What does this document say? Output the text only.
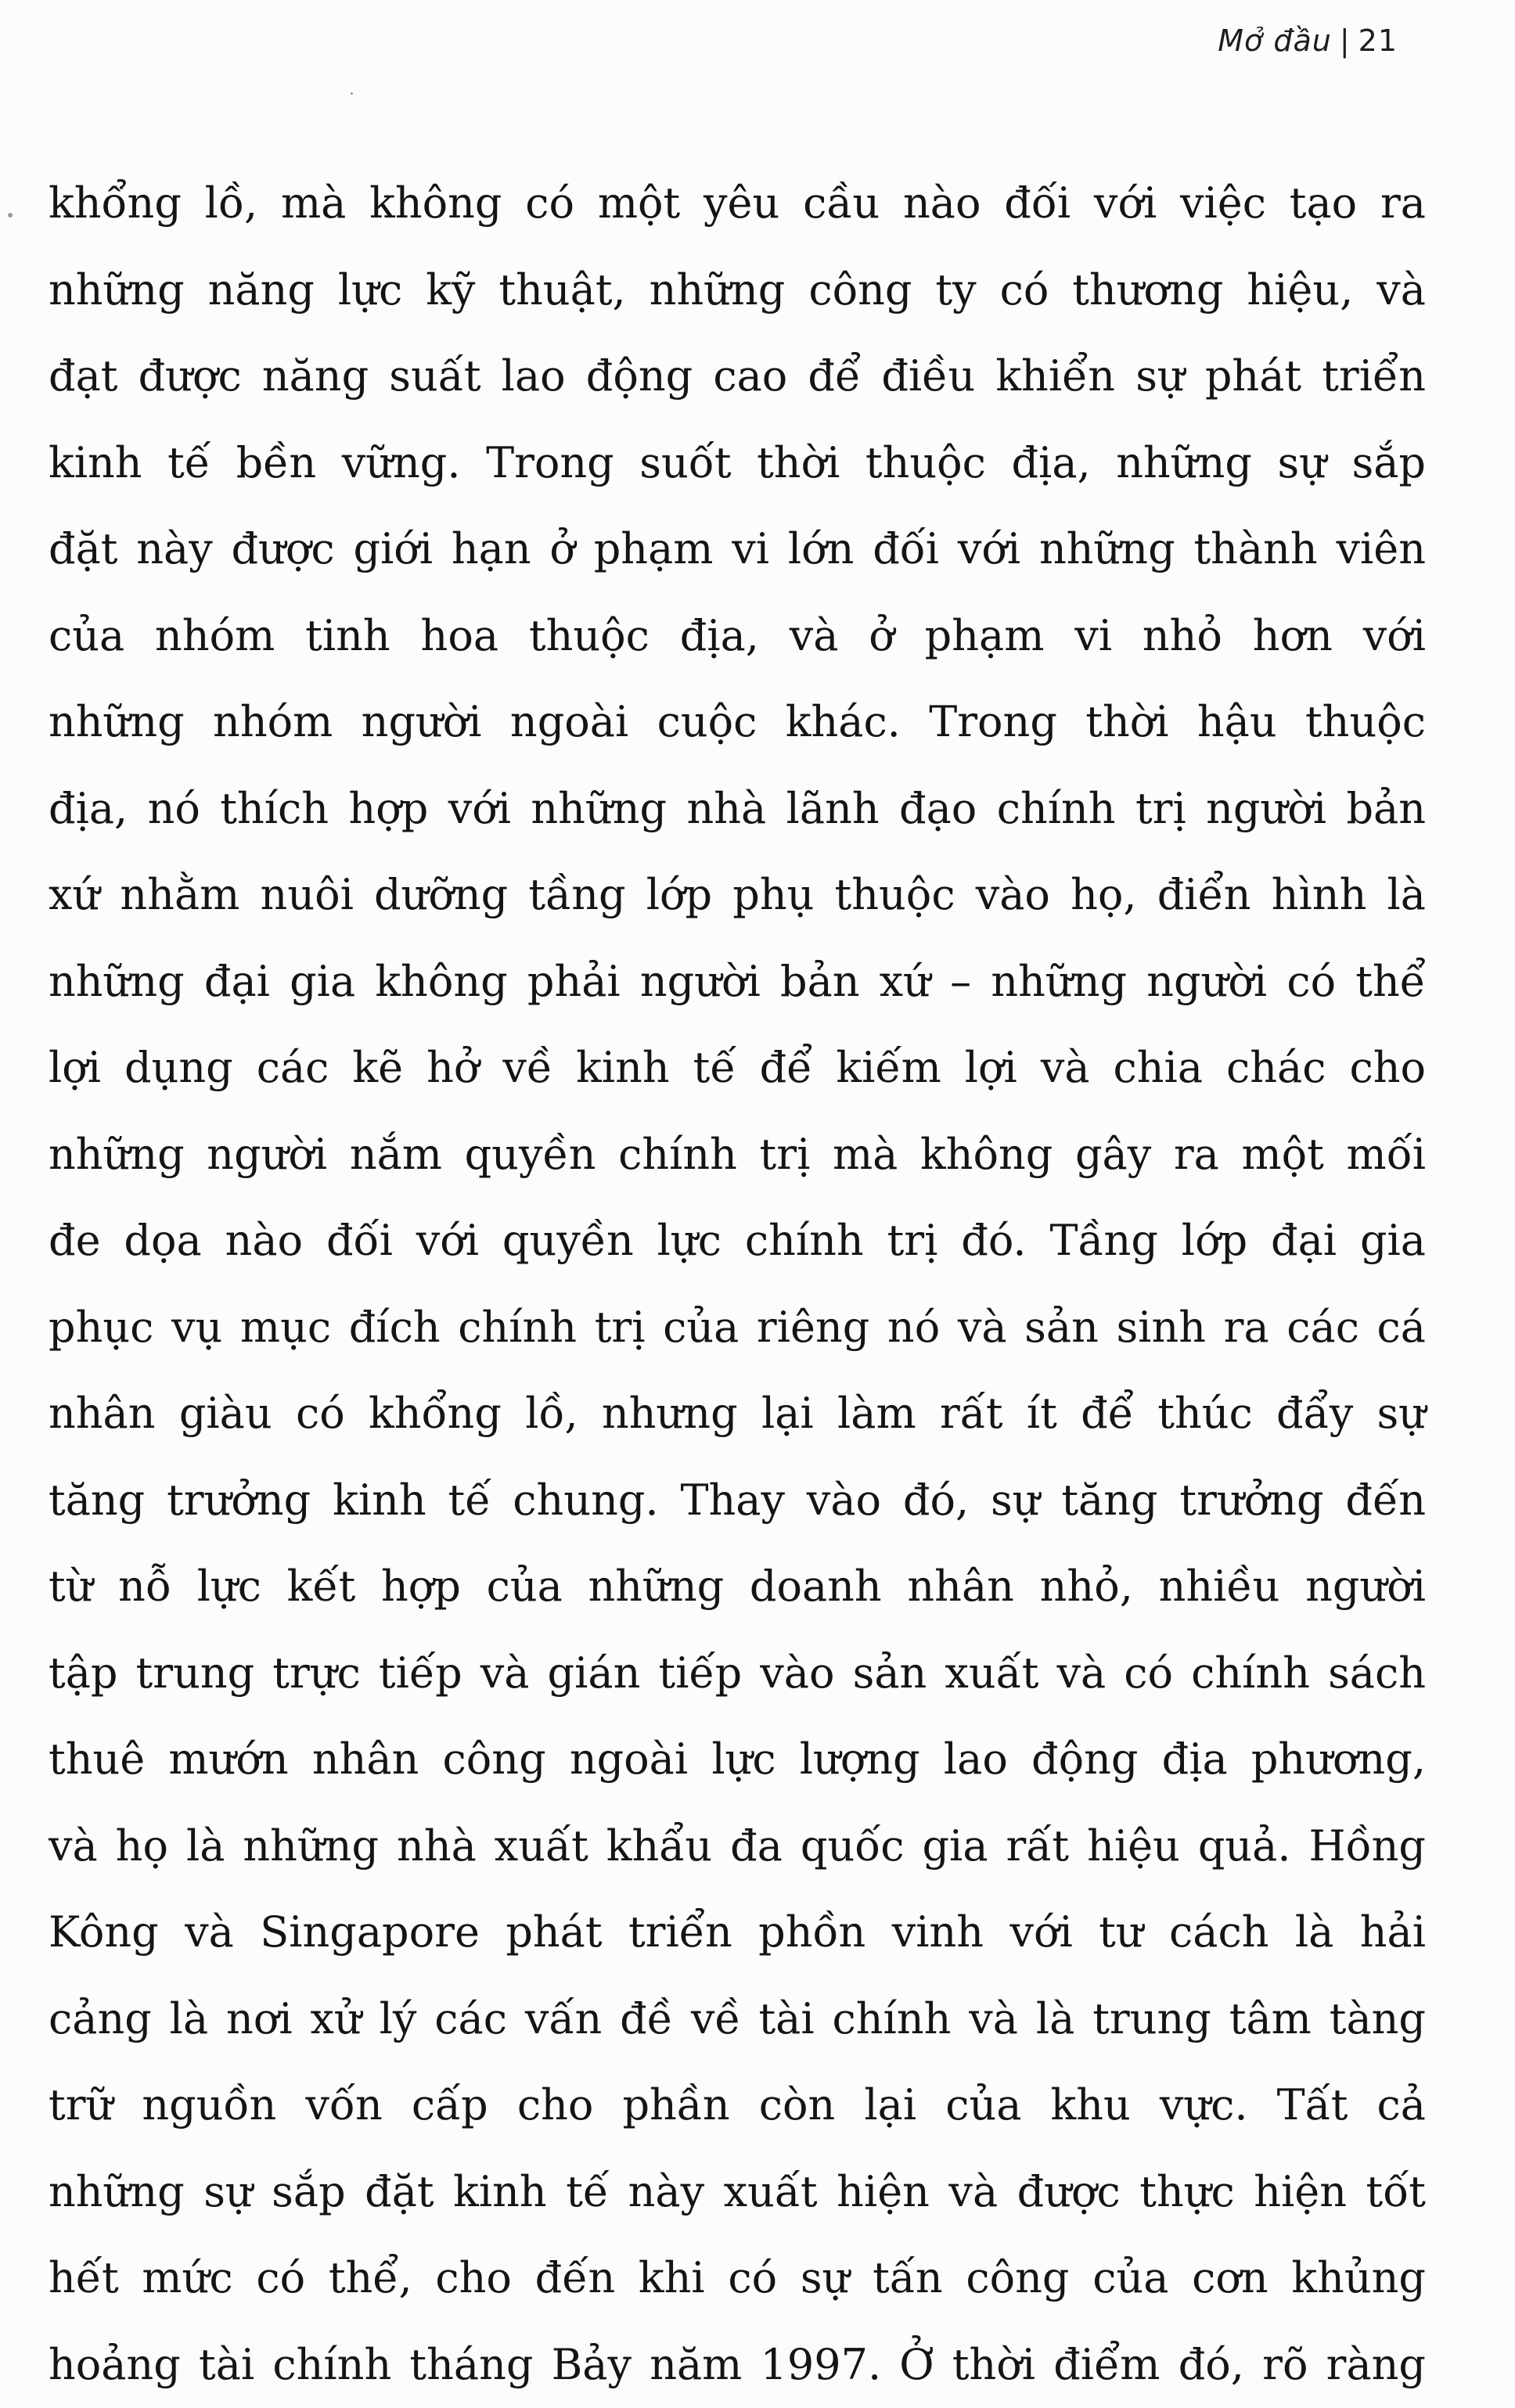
Mở đầu | 21
khổng lồ, mà không có một yêu cầu nào đối với việc tạo ra
những năng lực kỹ thuật, những công ty có thương hiệu, và
đạt được năng suất lao động cao để điều khiển sự phát triển
kinh tế bền vững. Trong suốt thời thuộc địa, những sự sắp
đặt này được giới hạn ở phạm vi lớn đối với những thành viên
của nhóm tinh hoa thuộc địa, và ở phạm vi nhỏ hơn với
những nhóm người ngoài cuộc khác. Trong thời hậu thuộc
địa, nó thích hợp với những nhà lãnh đạo chính trị người bản
xứ nhằm nuôi dưỡng tầng lớp phụ thuộc vào họ, điển hình là
những đại gia không phải người bản xứ – những người có thể
lợi dụng các kẽ hở về kinh tế để kiếm lợi và chia chác cho
những người nắm quyền chính trị mà không gây ra một mối
đe dọa nào đối với quyền lực chính trị đó. Tầng lớp đại gia
phục vụ mục đích chính trị của riêng nó và sản sinh ra các cá
nhân giàu có khổng lồ, nhưng lại làm rất ít để thúc đẩy sự
tăng trưởng kinh tế chung. Thay vào đó, sự tăng trưởng đến
từ nỗ lực kết hợp của những doanh nhân nhỏ, nhiều người
tập trung trực tiếp và gián tiếp vào sản xuất và có chính sách
thuê mướn nhân công ngoài lực lượng lao động địa phương,
và họ là những nhà xuất khẩu đa quốc gia rất hiệu quả. Hồng
Kông và Singapore phát triển phồn vinh với tư cách là hải
cảng là nơi xử lý các vấn đề về tài chính và là trung tâm tàng
trữ nguồn vốn cấp cho phần còn lại của khu vực. Tất cả
những sự sắp đặt kinh tế này xuất hiện và được thực hiện tốt
hết mức có thể, cho đến khi có sự tấn công của cơn khủng
hoảng tài chính tháng Bảy năm 1997. Ở thời điểm đó, rõ ràng
